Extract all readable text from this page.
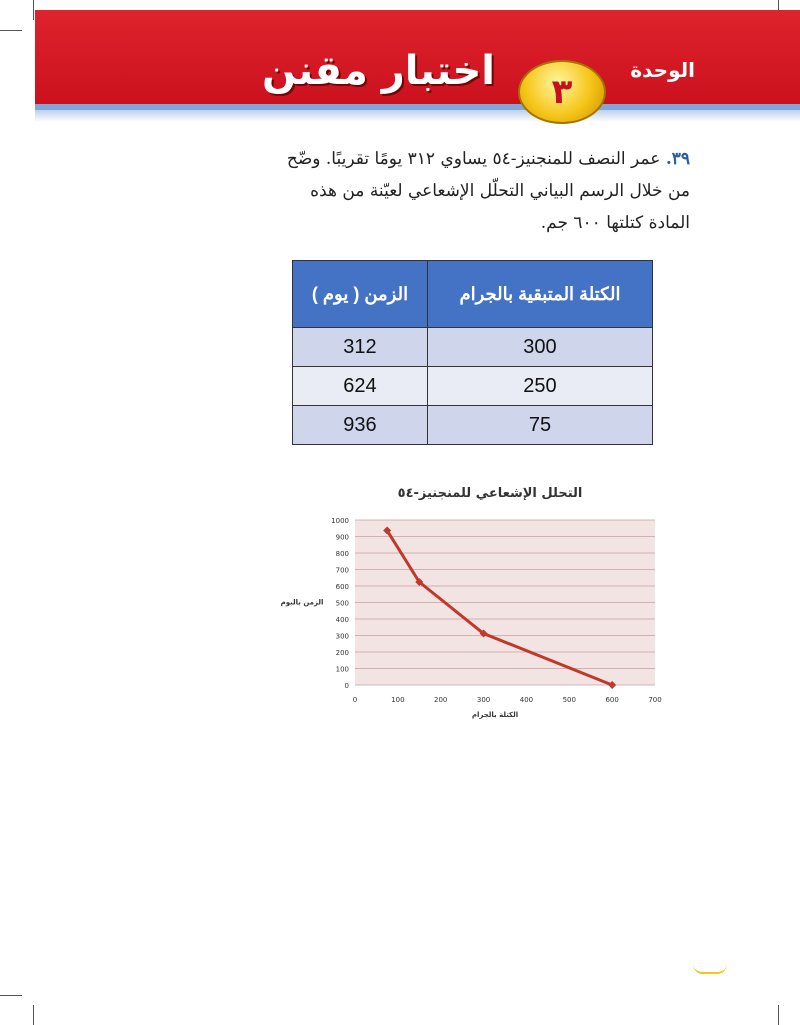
اختبار مقنن ٣
الوحدة
٣٩. عمر النصف للمنجنيز-٥٤ يساوي ٣١٢ يومًا تقريبًا. وضّح من خلال الرسم البياني التحلّل الإشعاعي لعيّنة من هذه المادة كتلتها ٦٠٠ جم.
الكتلة المتبقية بالجرام	الزمن ( يوم )
300	312
250	624
75	936
0
100
200
300
400
500
600
700
800
900
1000
0	100	200	300	400	500	600	700
الكتلة بالجرام
الزمن بالبوم
التحلل الإشعاعي للمنجنيز-٥٤
